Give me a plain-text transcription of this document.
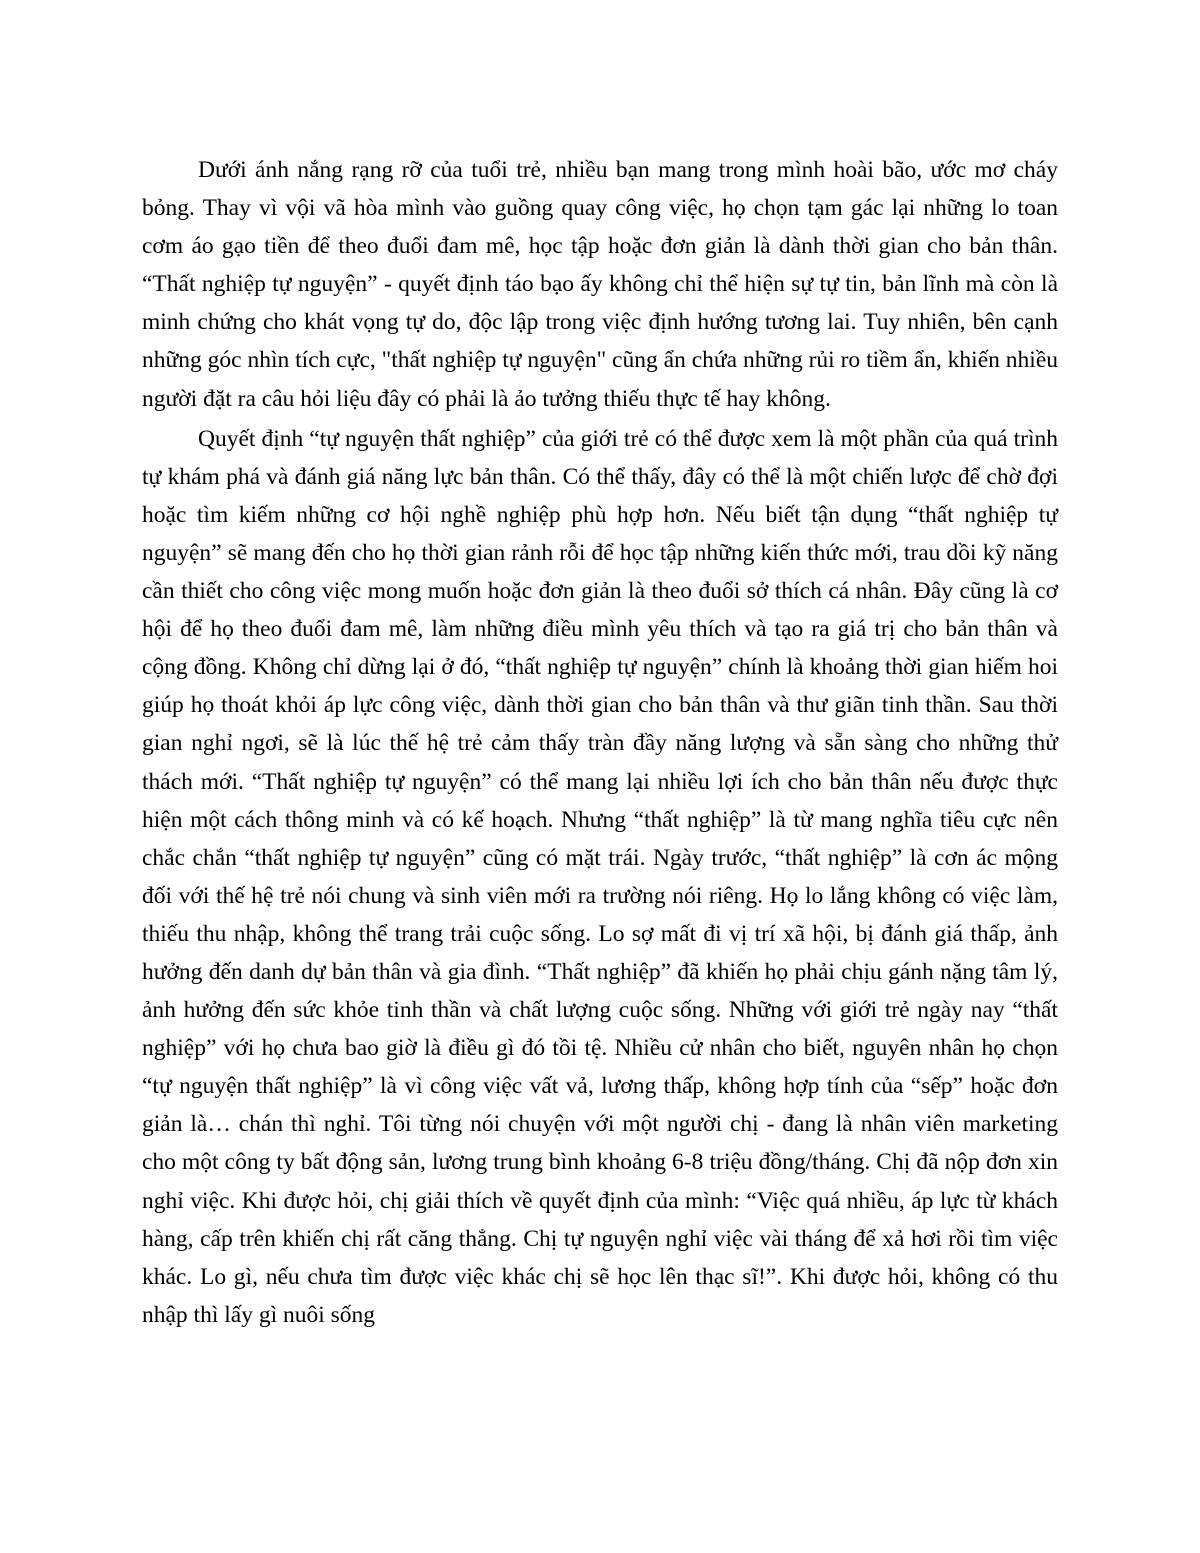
Dưới ánh nắng rạng rỡ của tuổi trẻ, nhiều bạn mang trong mình hoài bão, ước mơ cháy bỏng. Thay vì vội vã hòa mình vào guồng quay công việc, họ chọn tạm gác lại những lo toan cơm áo gạo tiền để theo đuổi đam mê, học tập hoặc đơn giản là dành thời gian cho bản thân. “Thất nghiệp tự nguyện” - quyết định táo bạo ấy không chỉ thể hiện sự tự tin, bản lĩnh mà còn là minh chứng cho khát vọng tự do, độc lập trong việc định hướng tương lai. Tuy nhiên, bên cạnh những góc nhìn tích cực, "thất nghiệp tự nguyện" cũng ẩn chứa những rủi ro tiềm ẩn, khiến nhiều người đặt ra câu hỏi liệu đây có phải là ảo tưởng thiếu thực tế hay không.

Quyết định “tự nguyện thất nghiệp” của giới trẻ có thể được xem là một phần của quá trình tự khám phá và đánh giá năng lực bản thân. Có thể thấy, đây có thể là một chiến lược để chờ đợi hoặc tìm kiếm những cơ hội nghề nghiệp phù hợp hơn. Nếu biết tận dụng “thất nghiệp tự nguyện” sẽ mang đến cho họ thời gian rảnh rỗi để học tập những kiến thức mới, trau dồi kỹ năng cần thiết cho công việc mong muốn hoặc đơn giản là theo đuổi sở thích cá nhân. Đây cũng là cơ hội để họ theo đuổi đam mê, làm những điều mình yêu thích và tạo ra giá trị cho bản thân và cộng đồng. Không chỉ dừng lại ở đó, “thất nghiệp tự nguyện” chính là khoảng thời gian hiếm hoi giúp họ thoát khỏi áp lực công việc, dành thời gian cho bản thân và thư giãn tinh thần. Sau thời gian nghỉ ngơi, sẽ là lúc thế hệ trẻ cảm thấy tràn đầy năng lượng và sẵn sàng cho những thử thách mới. “Thất nghiệp tự nguyện” có thể mang lại nhiều lợi ích cho bản thân nếu được thực hiện một cách thông minh và có kế hoạch. Nhưng “thất nghiệp” là từ mang nghĩa tiêu cực nên chắc chắn “thất nghiệp tự nguyện” cũng có mặt trái. Ngày trước, “thất nghiệp” là cơn ác mộng đối với thế hệ trẻ nói chung và sinh viên mới ra trường nói riêng. Họ lo lắng không có việc làm, thiếu thu nhập, không thể trang trải cuộc sống. Lo sợ mất đi vị trí xã hội, bị đánh giá thấp, ảnh hưởng đến danh dự bản thân và gia đình. “Thất nghiệp” đã khiến họ phải chịu gánh nặng tâm lý, ảnh hưởng đến sức khỏe tinh thần và chất lượng cuộc sống. Những với giới trẻ ngày nay “thất nghiệp” với họ chưa bao giờ là điều gì đó tồi tệ. Nhiều cử nhân cho biết, nguyên nhân họ chọn “tự nguyện thất nghiệp” là vì công việc vất vả, lương thấp, không hợp tính của “sếp” hoặc đơn giản là… chán thì nghỉ. Tôi từng nói chuyện với một người chị - đang là nhân viên marketing cho một công ty bất động sản, lương trung bình khoảng 6-8 triệu đồng/tháng. Chị đã nộp đơn xin nghỉ việc. Khi được hỏi, chị giải thích về quyết định của mình: “Việc quá nhiều, áp lực từ khách hàng, cấp trên khiến chị rất căng thẳng. Chị tự nguyện nghỉ việc vài tháng để xả hơi rồi tìm việc khác. Lo gì, nếu chưa tìm được việc khác chị sẽ học lên thạc sĩ!”. Khi được hỏi, không có thu nhập thì lấy gì nuôi sống
